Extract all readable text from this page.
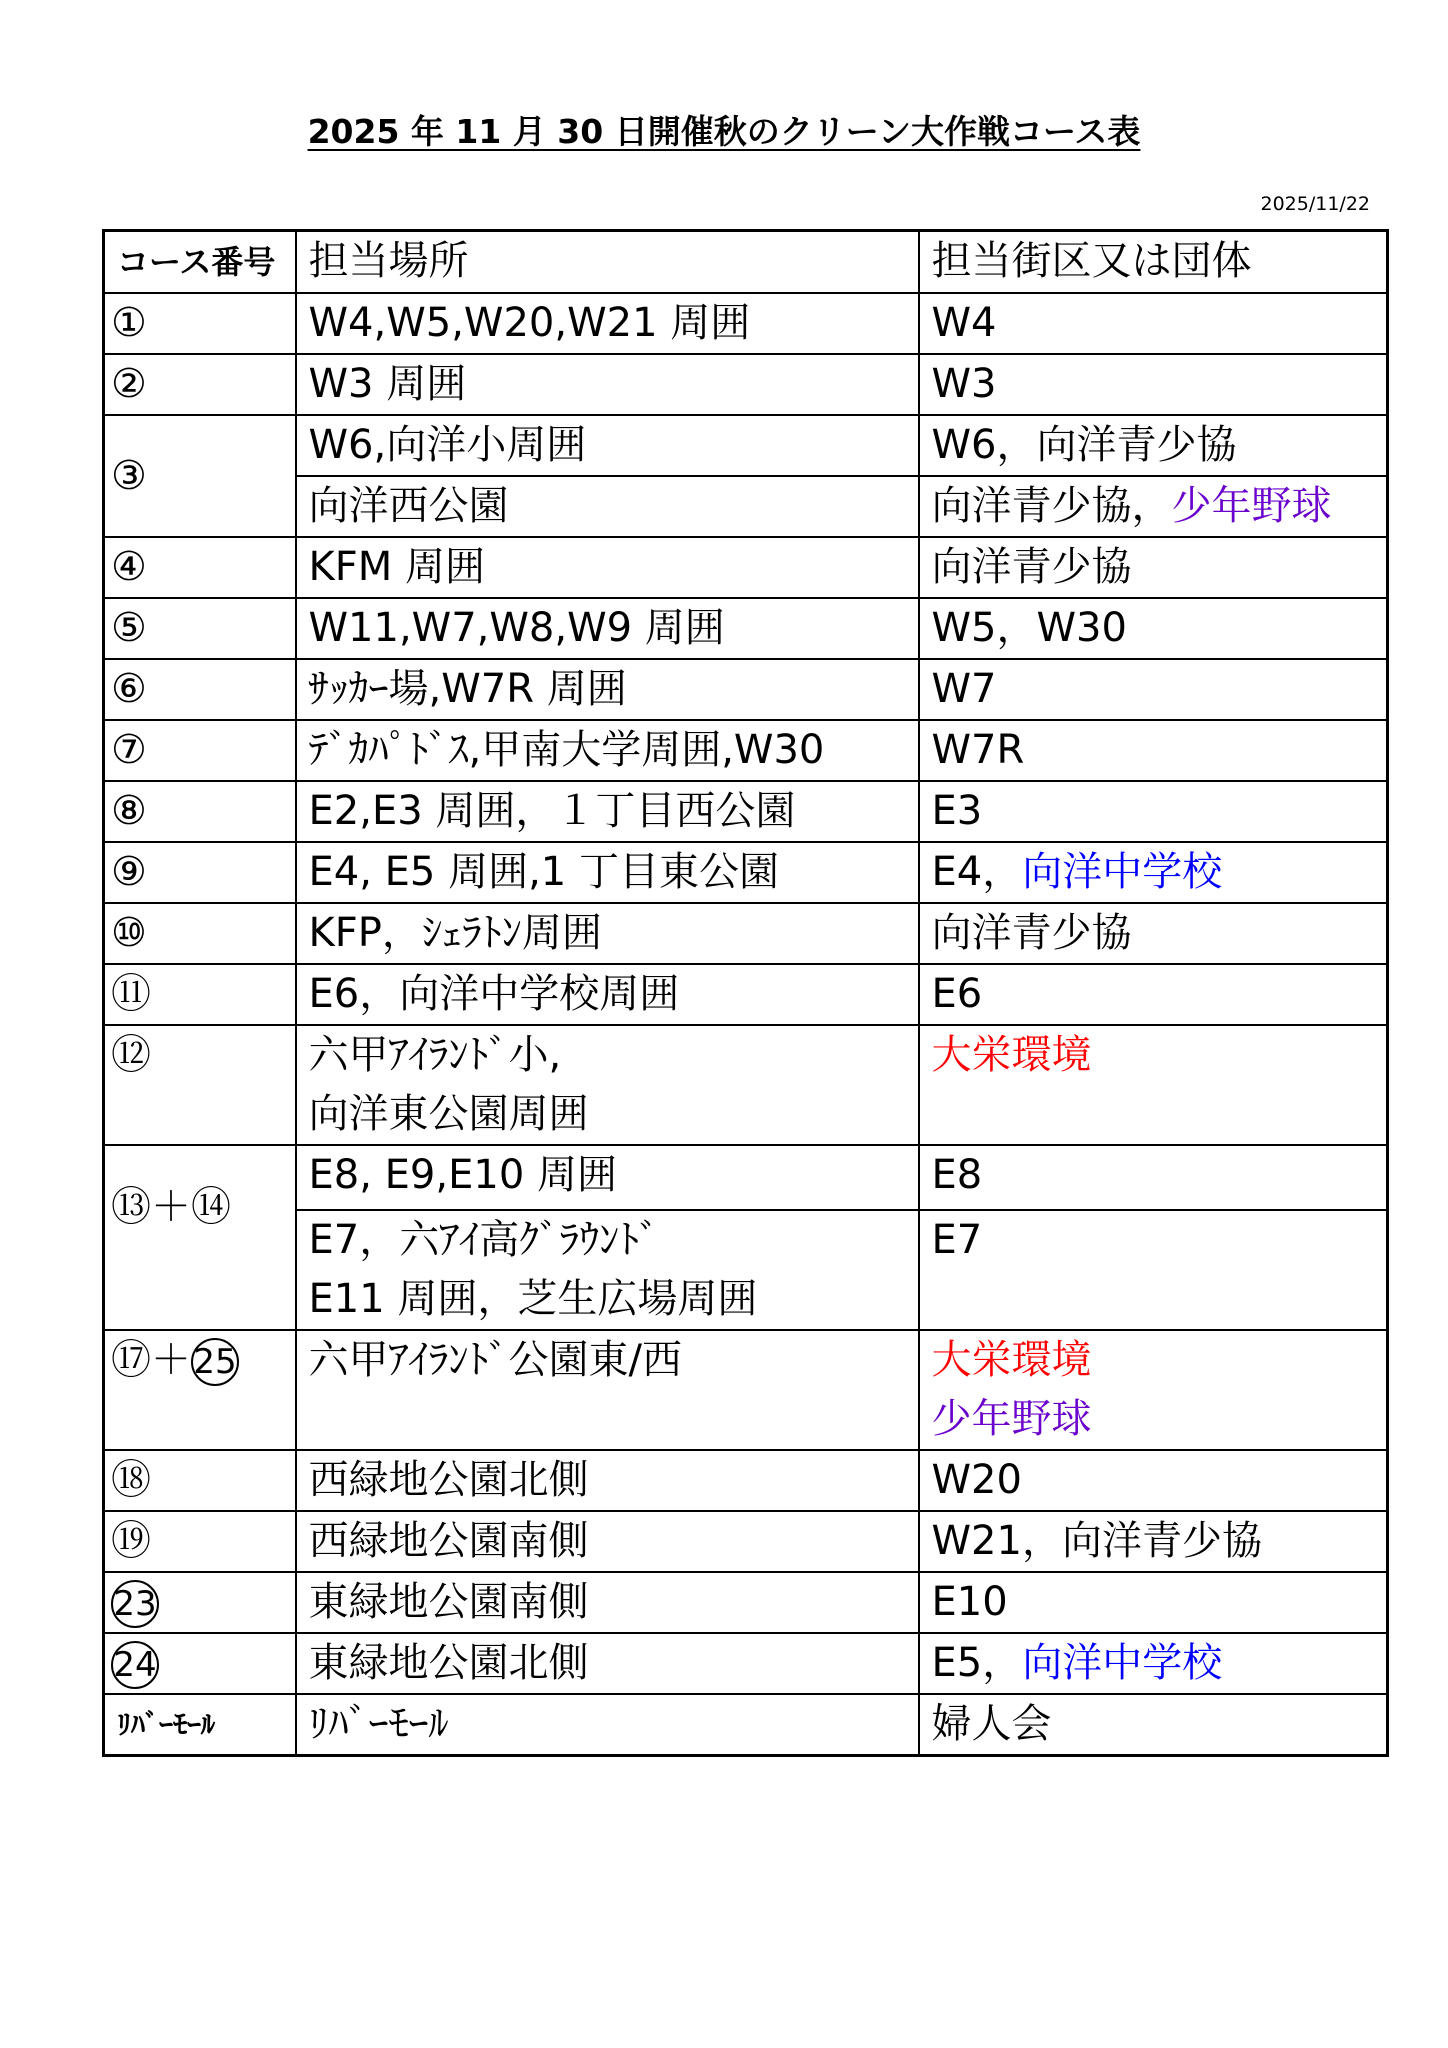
2025 年 11 月 30 日開催秋のクリーン大作戦コース表
2025/11/22
コース番号	担当場所	担当街区又は団体
①	W4,W5,W20,W21 周囲	W4
②	W3 周囲	W3
③	W6,向洋小周囲	W6，向洋青少協
	向洋西公園	向洋青少協，少年野球
④	KFM 周囲	向洋青少協
⑤	W11,W7,W8,W9 周囲	W5，W30
⑥	ｻｯｶｰ場,W7R 周囲	W7
⑦	ﾃﾞｶﾊﾟﾄﾞｽ,甲南大学周囲,W30	W7R
⑧	E2,E3 周囲，１丁目西公園	E3
⑨	E4, E5 周囲,1 丁目東公園	E4，向洋中学校
⑩	KFP，ｼｪﾗﾄﾝ周囲	向洋青少協
⑪	E6，向洋中学校周囲	E6
⑫	六甲ｱｲﾗﾝﾄﾞ小,
向洋東公園周囲	大栄環境
⑬＋⑭	E8, E9,E10 周囲	E8

	E7，六ｱｲ高ｸﾞﾗｳﾝﾄﾞ
E11 周囲，芝生広場周囲	E7
⑰＋25	六甲ｱｲﾗﾝﾄﾞ公園東/西	大栄環境
少年野球

⑱	西緑地公園北側	W20
⑲	西緑地公園南側	W21，向洋青少協
23	東緑地公園南側	E10
24	東緑地公園北側	E5，向洋中学校
ﾘﾊﾞｰﾓｰﾙ	ﾘﾊﾞｰﾓｰﾙ	婦人会
